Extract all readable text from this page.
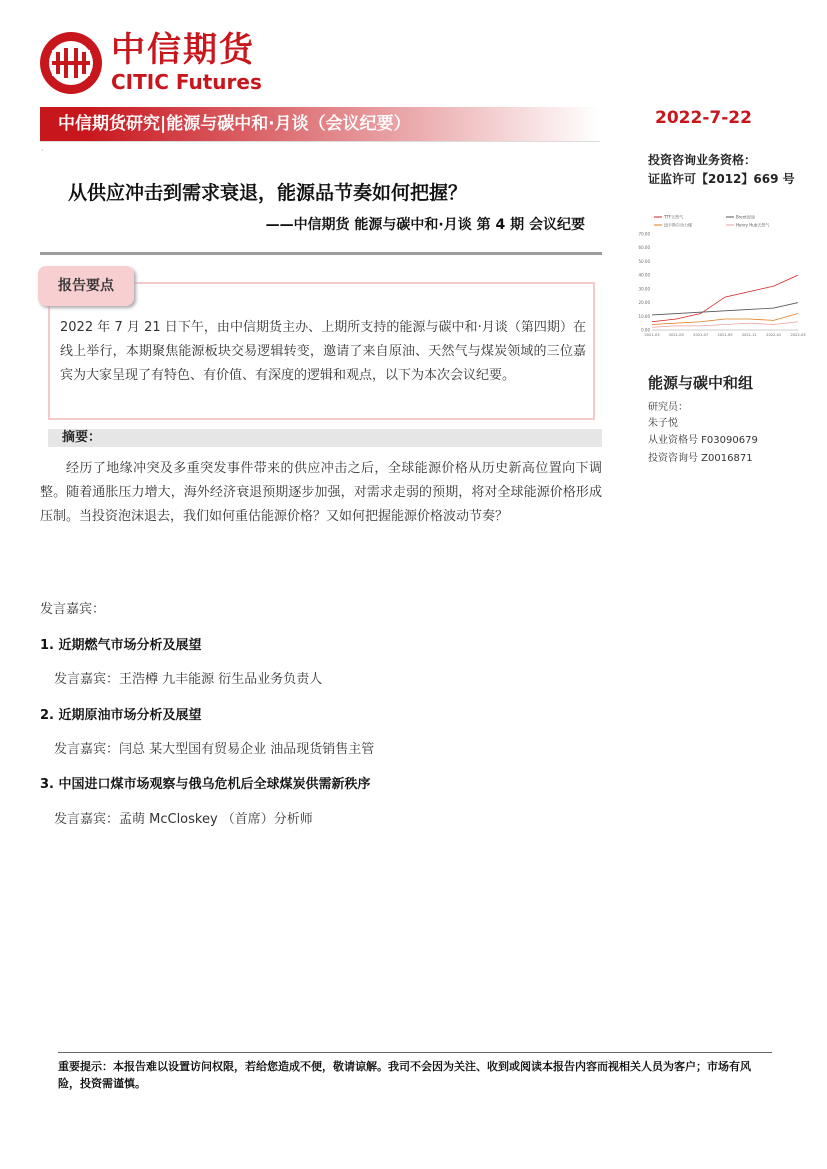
中信期货
CITIC Futures
中信期货研究|能源与碳中和·月谈（会议纪要）
·
2022-7-22
投资咨询业务资格：
证监许可【2012】669 号
0.00
10.00
20.00
30.00
40.00
50.00
60.00
70.00
2021-03	2021-05	2021-07	2021-09	2021-11	2022-01	2022-03
TTF天然气	Brent原油
纽卡斯尔动力煤	Henry Hub天然气
从供应冲击到需求衰退，能源品节奏如何把握？
——中信期货 能源与碳中和·月谈 第 4 期 会议纪要
报告要点
2022 年 7 月 21 日下午，由中信期货主办、上期所支持的能源与碳中和·月谈（第四期）在线上举行，本期聚焦能源板块交易逻辑转变，邀请了来自原油、天然气与煤炭领域的三位嘉宾为大家呈现了有特色、有价值、有深度的逻辑和观点，以下为本次会议纪要。
摘要：
经历了地缘冲突及多重突发事件带来的供应冲击之后，全球能源价格从历史新高位置向下调整。随着通胀压力增大，海外经济衰退预期逐步加强，对需求走弱的预期，将对全球能源价格形成压制。当投资泡沫退去，我们如何重估能源价格？又如何把握能源价格波动节奏？
发言嘉宾：
1. 近期燃气市场分析及展望
发言嘉宾：王浩樽 九丰能源 衍生品业务负责人
2. 近期原油市场分析及展望
发言嘉宾：闫总 某大型国有贸易企业 油品现货销售主管
3. 中国进口煤市场观察与俄乌危机后全球煤炭供需新秩序
发言嘉宾：孟萌 McCloskey （首席）分析师
能源与碳中和组
研究员：
朱子悦
从业资格号 F03090679
投资咨询号 Z0016871
重要提示：本报告难以设置访问权限，若给您造成不便，敬请谅解。我司不会因为关注、收到或阅读本报告内容而视相关人员为客户；市场有风险，投资需谨慎。
